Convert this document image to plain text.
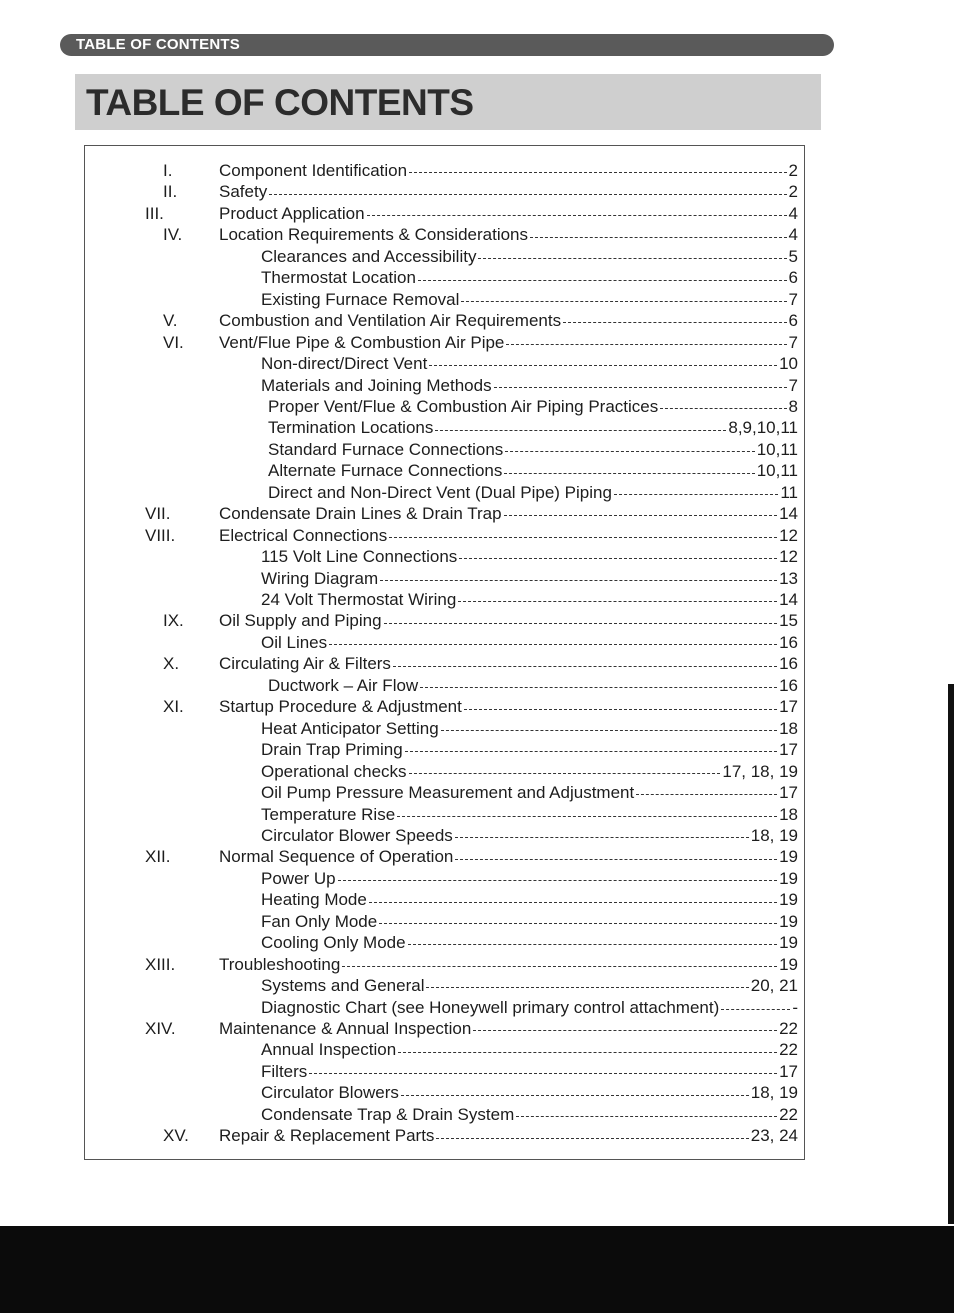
TABLE OF CONTENTS
TABLE OF CONTENTS
I.	Component Identification	2
II. Safety	2
III.	Product Application	4
IV. Location Requirements & Considerations	4
Clearances and Accessibility	5
Thermostat Location	6
Existing Furnace Removal	7
V. Combustion and Ventilation Air Requirements	6
VI. Vent/Flue Pipe & Combustion Air Pipe	7
Non-direct/Direct Vent	10
Materials and Joining Methods	7
Proper Vent/Flue & Combustion Air Piping Practices	8
Termination Locations	8,9,10,11
Standard Furnace Connections	10,11
Alternate Furnace Connections	10,11
Direct and Non-Direct Vent (Dual Pipe) Piping	11
VII.	Condensate Drain Lines & Drain Trap	14
VIII.	Electrical Connections	12
115 Volt Line Connections	12
Wiring Diagram	13
24 Volt Thermostat Wiring	14
IX. Oil Supply and Piping	15
Oil Lines	16
X. Circulating Air & Filters	16
Ductwork – Air Flow	16
XI. Startup Procedure & Adjustment	17
Heat Anticipator Setting	18
Drain Trap Priming	17
Operational checks	17, 18, 19
Oil Pump Pressure Measurement and Adjustment	17
Temperature Rise	18
Circulator Blower Speeds	18, 19
XII.	Normal Sequence of Operation	19
Power Up	19
Heating Mode	19
Fan Only Mode	19
Cooling Only Mode	19
XIII.	Troubleshooting	19
Systems and General	20, 21
Diagnostic Chart (see Honeywell primary control attachment)	-
XIV.	Maintenance & Annual Inspection	22
Annual Inspection	22
Filters	17
Circulator Blowers	18, 19
Condensate Trap & Drain System	22
XV. Repair & Replacement Parts	23, 24
